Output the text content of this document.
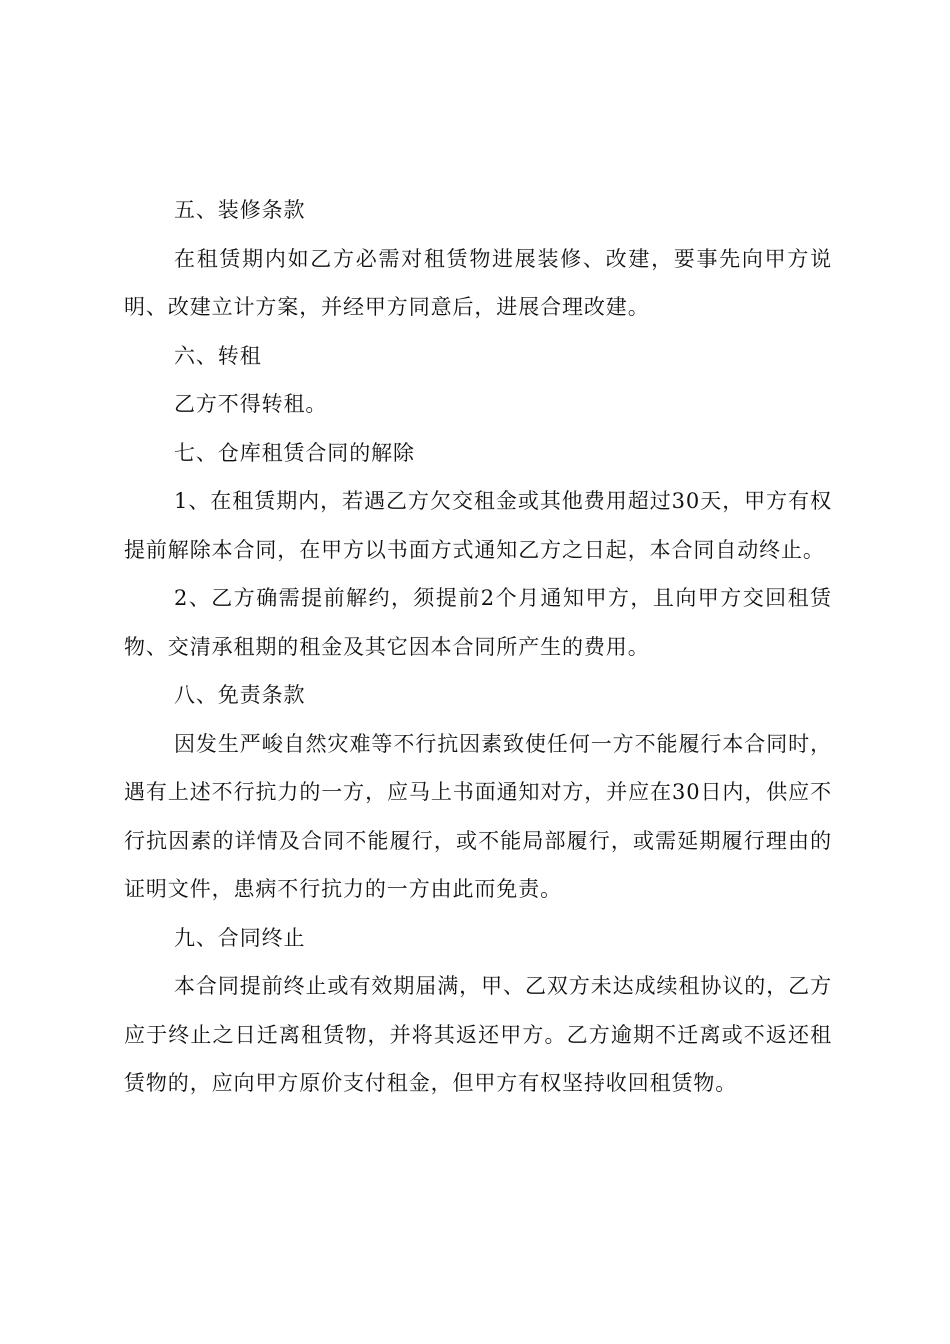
五、装修条款
在租赁期内如乙方必需对租赁物进展装修、改建，要事先向甲方说明、改建立计方案，并经甲方同意后，进展合理改建。
六、转租
乙方不得转租。
七、仓库租赁合同的解除
1、在租赁期内，若遇乙方欠交租金或其他费用超过30天，甲方有权提前解除本合同，在甲方以书面方式通知乙方之日起，本合同自动终止。
2、乙方确需提前解约，须提前2个月通知甲方，且向甲方交回租赁物、交清承租期的租金及其它因本合同所产生的费用。
八、免责条款
因发生严峻自然灾难等不行抗因素致使任何一方不能履行本合同时，遇有上述不行抗力的一方，应马上书面通知对方，并应在30日内，供应不行抗因素的详情及合同不能履行，或不能局部履行，或需延期履行理由的证明文件，患病不行抗力的一方由此而免责。
九、合同终止
本合同提前终止或有效期届满，甲、乙双方未达成续租协议的，乙方应于终止之日迁离租赁物，并将其返还甲方。乙方逾期不迁离或不返还租赁物的，应向甲方原价支付租金，但甲方有权坚持收回租赁物。
